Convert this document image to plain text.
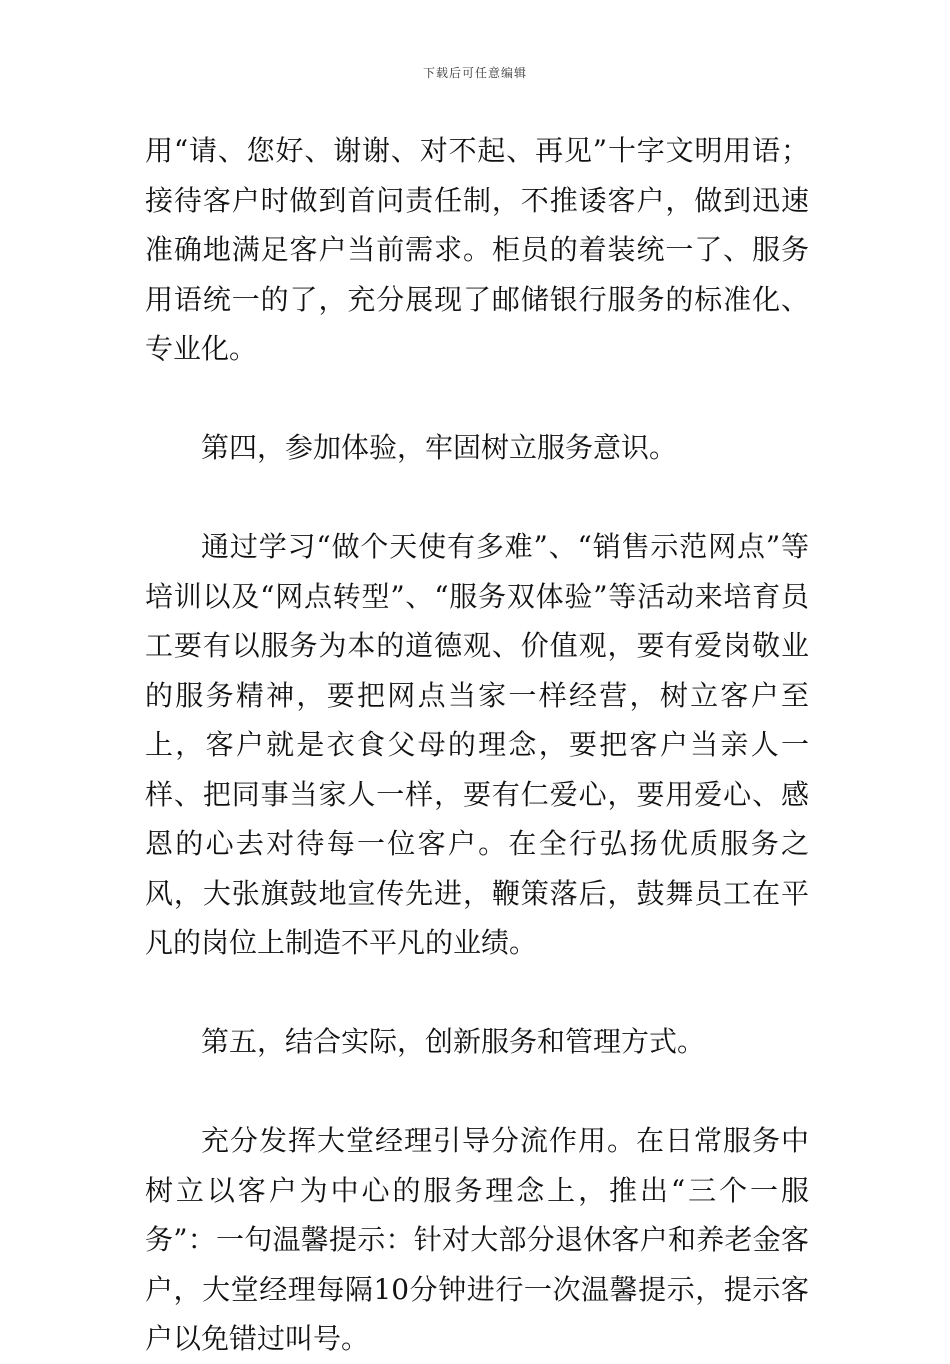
下载后可任意编辑

用“请、您好、谢谢、对不起、再见”十字文明用语；接待客户时做到首问责任制，不推诿客户，做到迅速准确地满足客户当前需求。柜员的着装统一了、服务用语统一的了，充分展现了邮储银行服务的标准化、专业化。

第四，参加体验，牢固树立服务意识。

通过学习“做个天使有多难”、“销售示范网点”等培训以及“网点转型”、“服务双体验”等活动来培育员工要有以服务为本的道德观、价值观，要有爱岗敬业的服务精神，要把网点当家一样经营，树立客户至上，客户就是衣食父母的理念，要把客户当亲人一样、把同事当家人一样，要有仁爱心，要用爱心、感恩的心去对待每一位客户。在全行弘扬优质服务之风，大张旗鼓地宣传先进，鞭策落后，鼓舞员工在平凡的岗位上制造不平凡的业绩。

第五，结合实际，创新服务和管理方式。

充分发挥大堂经理引导分流作用。在日常服务中树立以客户为中心的服务理念上，推出“三个一服务”：一句温馨提示：针对大部分退休客户和养老金客户，大堂经理每隔10分钟进行一次温馨提示，提示客户以免错过叫号。
